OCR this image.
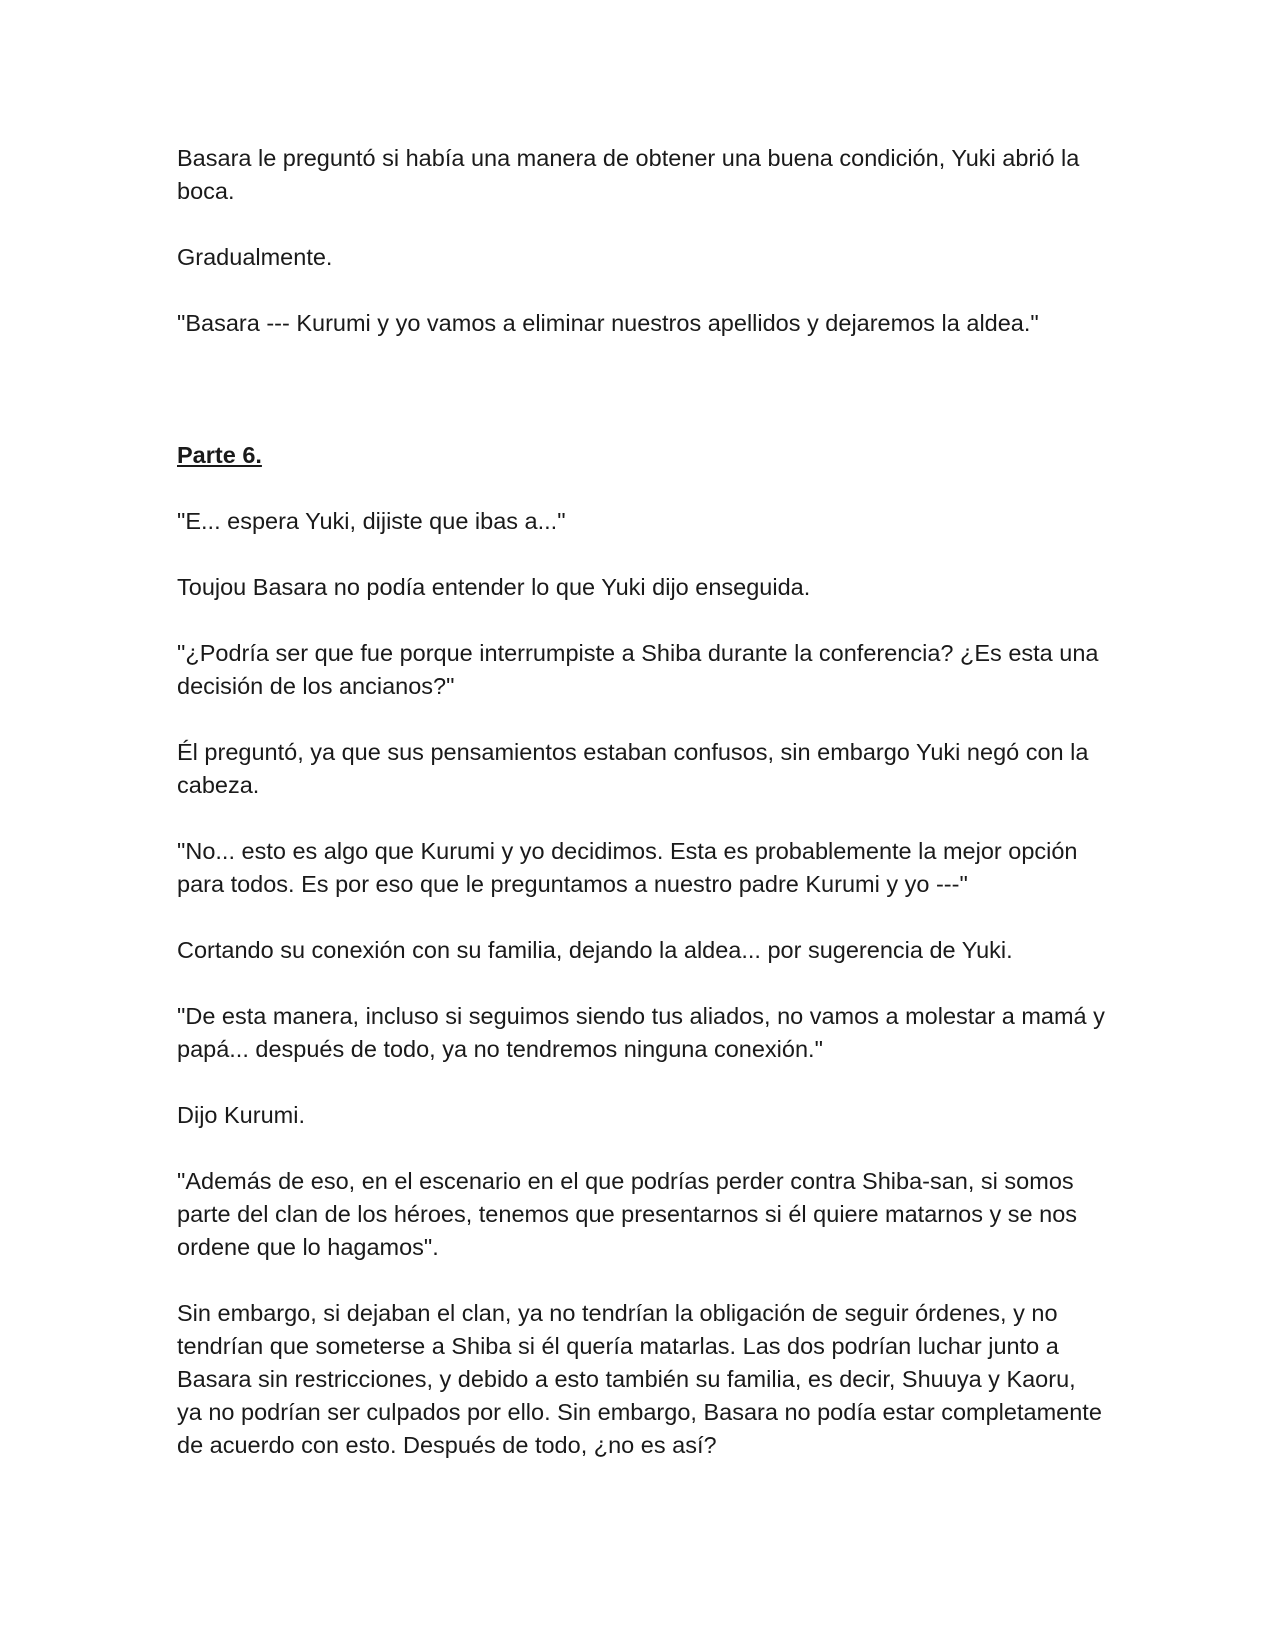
Basara le preguntó si había una manera de obtener una buena condición, Yuki abrió la boca.

Gradualmente.

"Basara --- Kurumi y yo vamos a eliminar nuestros apellidos y dejaremos la aldea."

Parte 6.

"E... espera Yuki, dijiste que ibas a..."

Toujou Basara no podía entender lo que Yuki dijo enseguida.

"¿Podría ser que fue porque interrumpiste a Shiba durante la conferencia? ¿Es esta una decisión de los ancianos?"

Él preguntó, ya que sus pensamientos estaban confusos, sin embargo Yuki negó con la cabeza.

"No... esto es algo que Kurumi y yo decidimos. Esta es probablemente la mejor opción para todos. Es por eso que le preguntamos a nuestro padre Kurumi y yo ---"

Cortando su conexión con su familia, dejando la aldea... por sugerencia de Yuki.

"De esta manera, incluso si seguimos siendo tus aliados, no vamos a molestar a mamá y papá... después de todo, ya no tendremos ninguna conexión."

Dijo Kurumi.

"Además de eso, en el escenario en el que podrías perder contra Shiba-san, si somos parte del clan de los héroes, tenemos que presentarnos si él quiere matarnos y se nos ordene que lo hagamos".

Sin embargo, si dejaban el clan, ya no tendrían la obligación de seguir órdenes, y no tendrían que someterse a Shiba si él quería matarlas. Las dos podrían luchar junto a Basara sin restricciones, y debido a esto también su familia, es decir, Shuuya y Kaoru, ya no podrían ser culpados por ello. Sin embargo, Basara no podía estar completamente de acuerdo con esto. Después de todo, ¿no es así?
